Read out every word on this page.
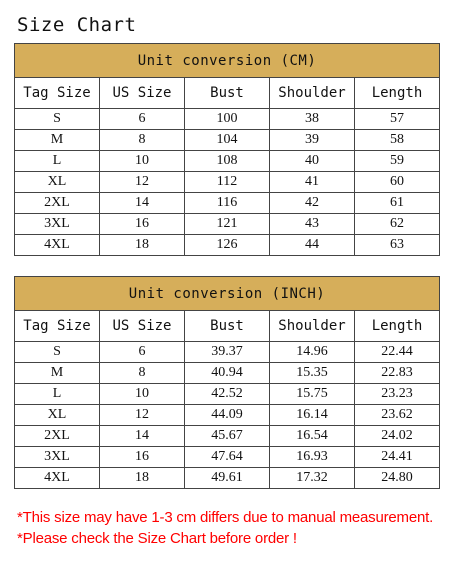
Size Chart
Unit conversion (CM)				
Tag Size	US Size	Bust	Shoulder	Length
S	6	100	38	57
M	8	104	39	58
L	10	108	40	59
XL	12	112	41	60
2XL	14	116	42	61
3XL	16	121	43	62
4XL	18	126	44	63
Unit conversion (INCH)				
Tag Size	US Size	Bust	Shoulder	Length
S	6	39.37	14.96	22.44
M	8	40.94	15.35	22.83
L	10	42.52	15.75	23.23
XL	12	44.09	16.14	23.62
2XL	14	45.67	16.54	24.02
3XL	16	47.64	16.93	24.41
4XL	18	49.61	17.32	24.80
*This size may have 1-3 cm differs due to manual measurement.
*Please check the Size Chart before order !
